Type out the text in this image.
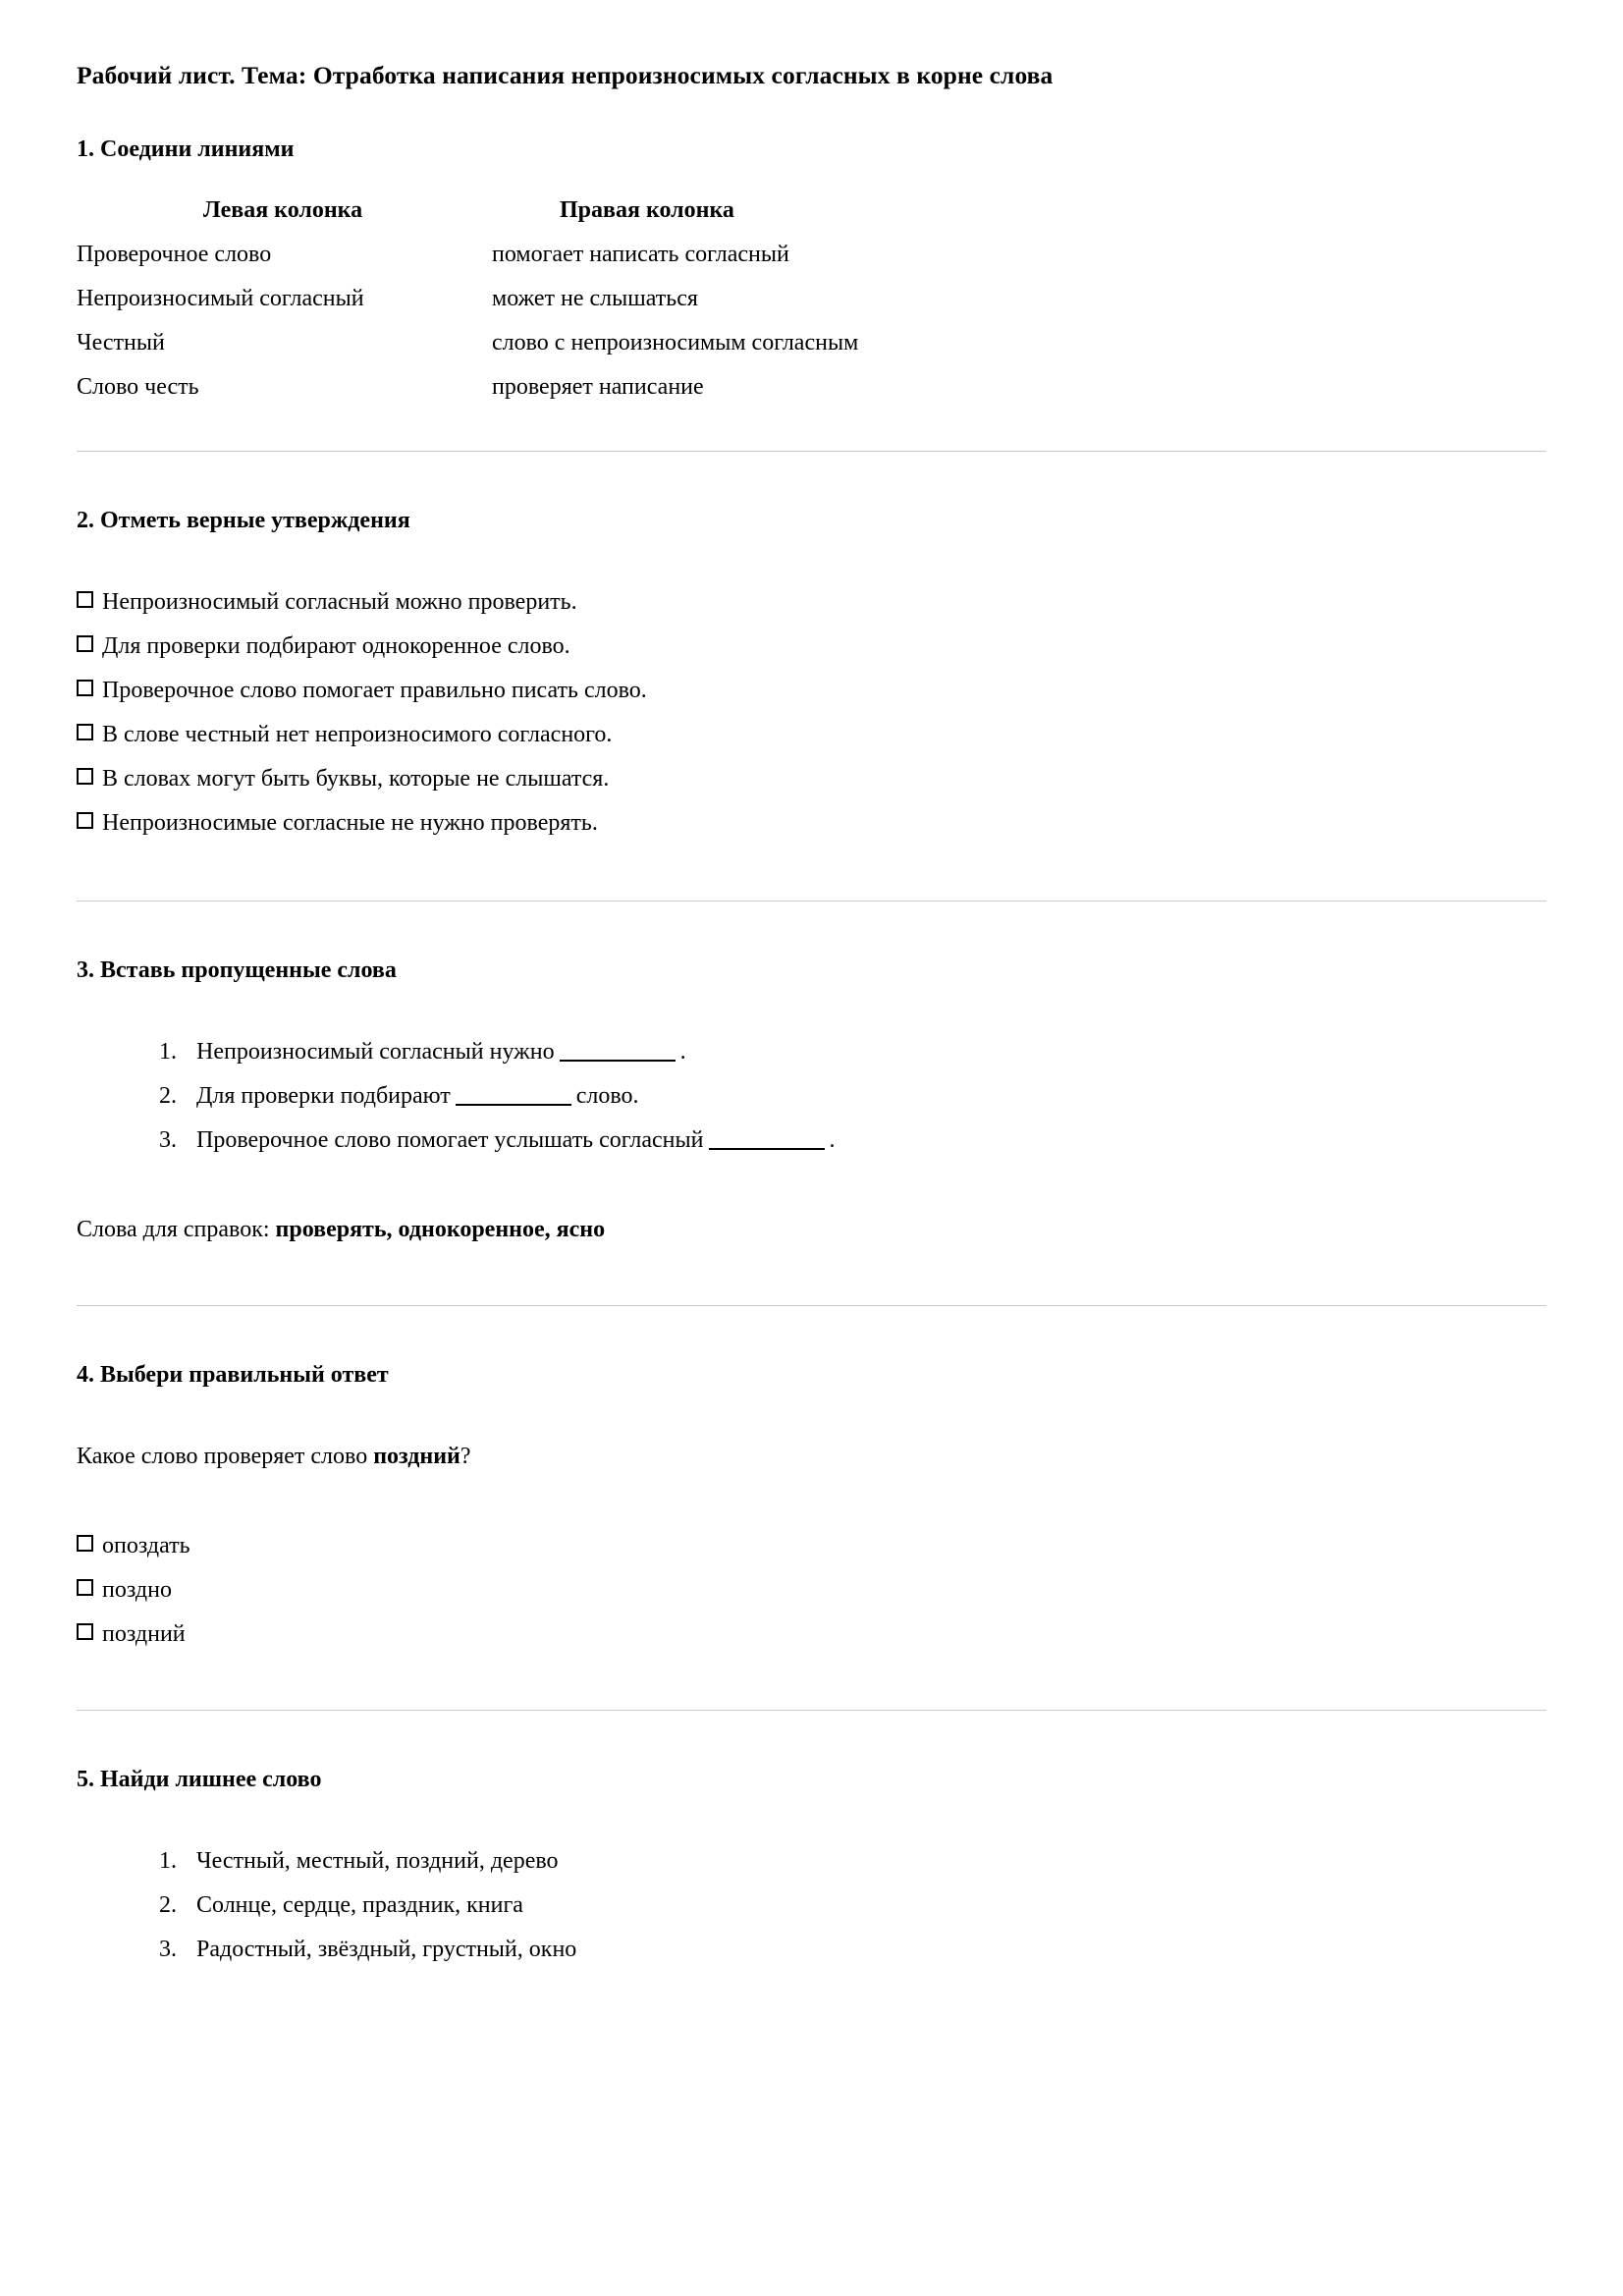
Рабочий лист. Тема: Отработка написания непроизносимых согласных в корне слова
1. Соедини линиями
Левая колонка	Правая колонка
Проверочное слово	помогает написать согласный
Непроизносимый согласный	может не слышаться
Честный	слово с непроизносимым согласным
Слово честь	проверяет написание
2. Отметь верные утверждения
Непроизносимый согласный можно проверить.
Для проверки подбирают однокоренное слово.
Проверочное слово помогает правильно писать слово.
В слове честный нет непроизносимого согласного.
В словах могут быть буквы, которые не слышатся.
Непроизносимые согласные не нужно проверять.
3. Вставь пропущенные слова
1. Непроизносимый согласный нужно	.
2. Для проверки подбирают	слово.
3. Проверочное слово помогает услышать согласный	.

Слова для справок: проверять, однокоренное, ясно

4. Выбери правильный ответ

Какое слово проверяет слово поздний?

опоздать
поздно
поздний
5. Найди лишнее слово
1. Честный, местный, поздний, дерево
2. Солнце, сердце, праздник, книга
3. Радостный, звёздный, грустный, окно
